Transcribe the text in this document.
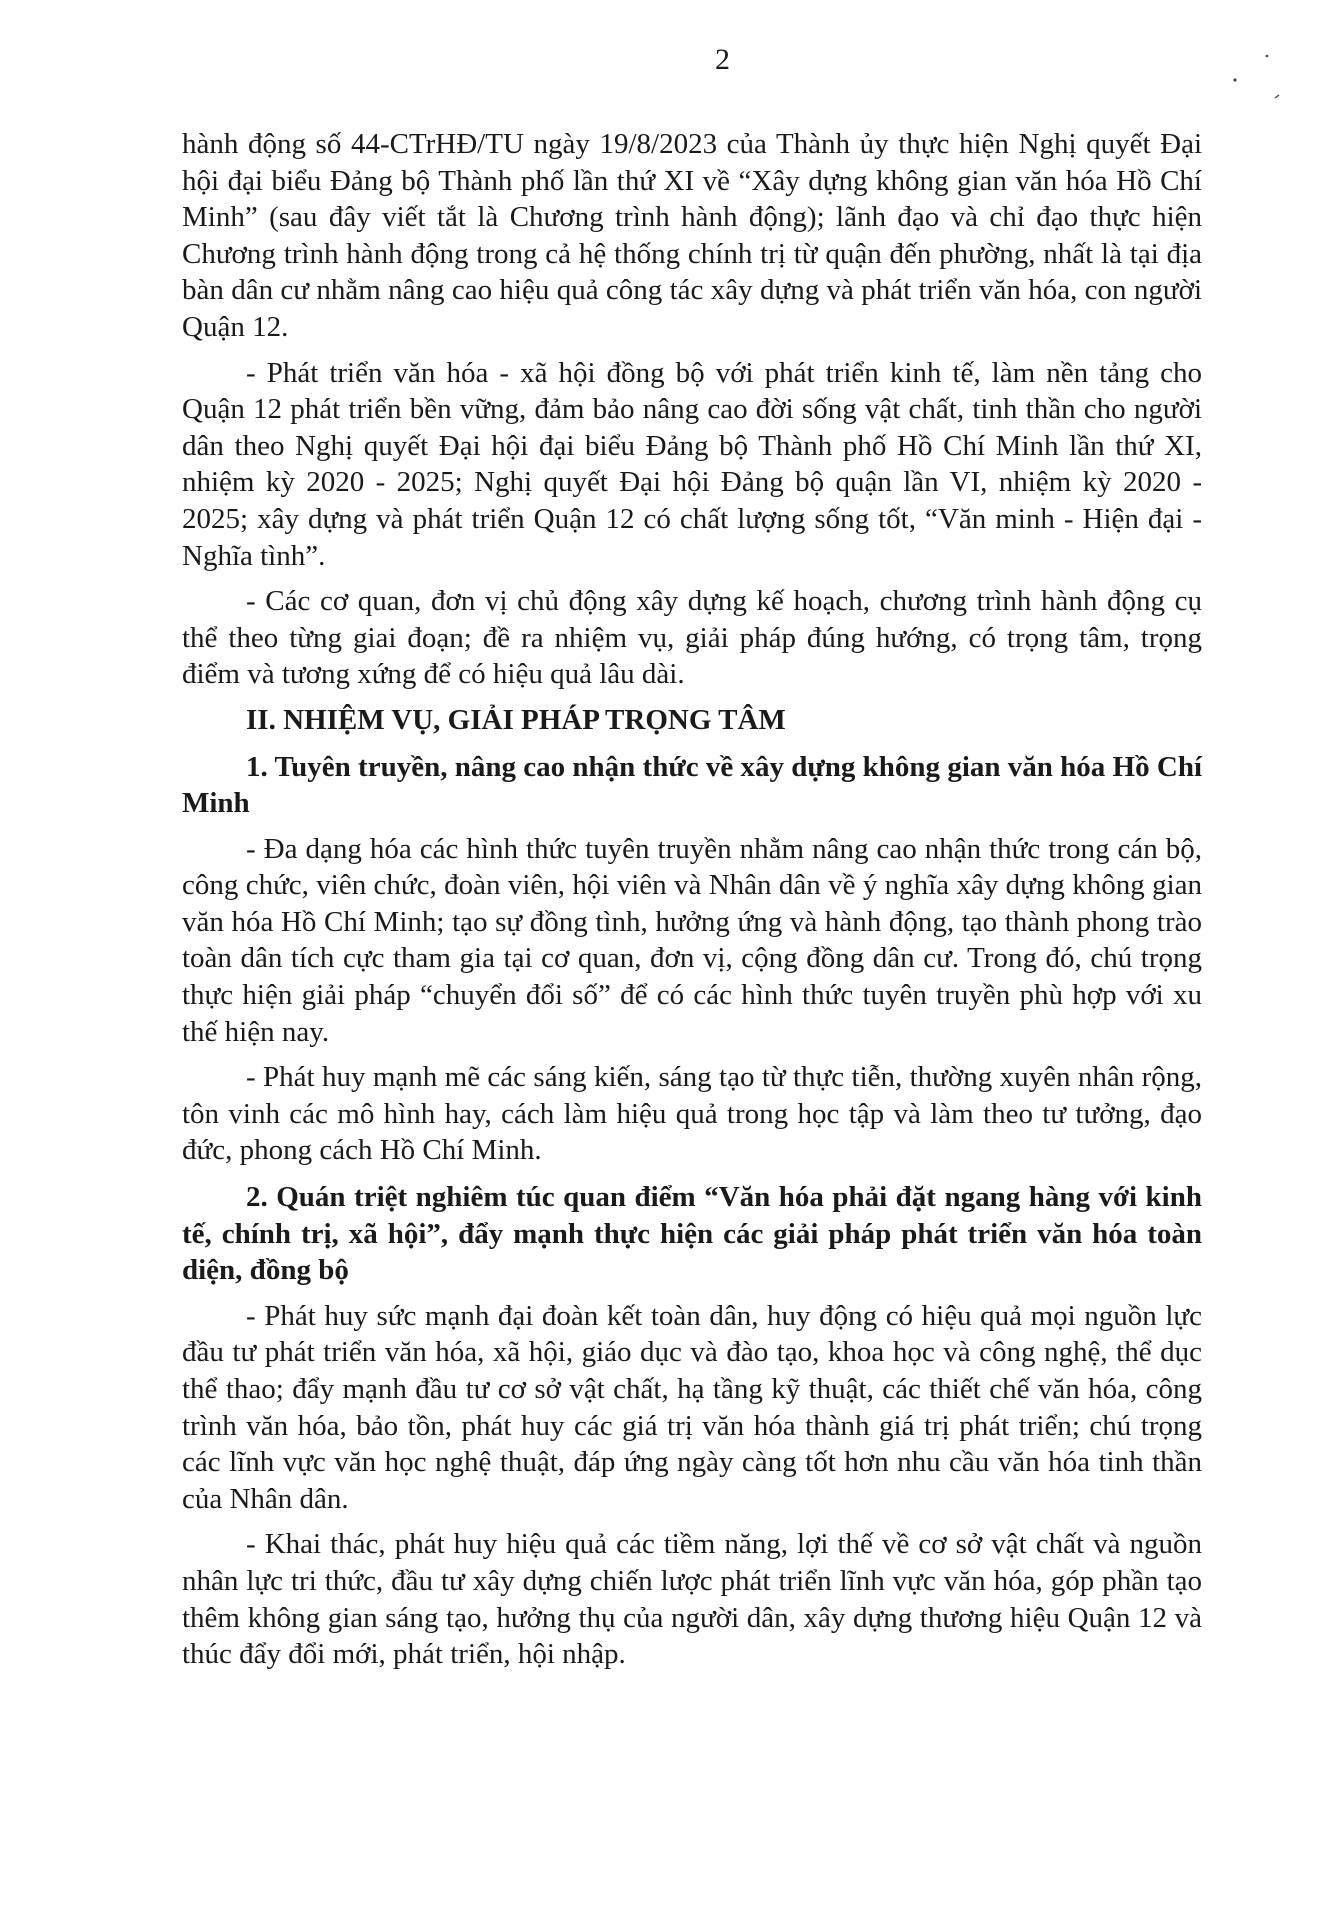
2

hành động số 44-CTrHĐ/TU ngày 19/8/2023 của Thành ủy thực hiện Nghị quyết Đại hội đại biểu Đảng bộ Thành phố lần thứ XI về “Xây dựng không gian văn hóa Hồ Chí Minh” (sau đây viết tắt là Chương trình hành động); lãnh đạo và chỉ đạo thực hiện Chương trình hành động trong cả hệ thống chính trị từ quận đến phường, nhất là tại địa bàn dân cư nhằm nâng cao hiệu quả công tác xây dựng và phát triển văn hóa, con người Quận 12.

- Phát triển văn hóa - xã hội đồng bộ với phát triển kinh tế, làm nền tảng cho Quận 12 phát triển bền vững, đảm bảo nâng cao đời sống vật chất, tinh thần cho người dân theo Nghị quyết Đại hội đại biểu Đảng bộ Thành phố Hồ Chí Minh lần thứ XI, nhiệm kỳ 2020 - 2025; Nghị quyết Đại hội Đảng bộ quận lần VI, nhiệm kỳ 2020 - 2025; xây dựng và phát triển Quận 12 có chất lượng sống tốt, “Văn minh - Hiện đại - Nghĩa tình”.

- Các cơ quan, đơn vị chủ động xây dựng kế hoạch, chương trình hành động cụ thể theo từng giai đoạn; đề ra nhiệm vụ, giải pháp đúng hướng, có trọng tâm, trọng điểm và tương xứng để có hiệu quả lâu dài.

II. NHIỆM VỤ, GIẢI PHÁP TRỌNG TÂM

1. Tuyên truyền, nâng cao nhận thức về xây dựng không gian văn hóa Hồ Chí Minh

- Đa dạng hóa các hình thức tuyên truyền nhằm nâng cao nhận thức trong cán bộ, công chức, viên chức, đoàn viên, hội viên và Nhân dân về ý nghĩa xây dựng không gian văn hóa Hồ Chí Minh; tạo sự đồng tình, hưởng ứng và hành động, tạo thành phong trào toàn dân tích cực tham gia tại cơ quan, đơn vị, cộng đồng dân cư. Trong đó, chú trọng thực hiện giải pháp “chuyển đổi số” để có các hình thức tuyên truyền phù hợp với xu thế hiện nay.

- Phát huy mạnh mẽ các sáng kiến, sáng tạo từ thực tiễn, thường xuyên nhân rộng, tôn vinh các mô hình hay, cách làm hiệu quả trong học tập và làm theo tư tưởng, đạo đức, phong cách Hồ Chí Minh.

2. Quán triệt nghiêm túc quan điểm “Văn hóa phải đặt ngang hàng với kinh tế, chính trị, xã hội”, đẩy mạnh thực hiện các giải pháp phát triển văn hóa toàn diện, đồng bộ

- Phát huy sức mạnh đại đoàn kết toàn dân, huy động có hiệu quả mọi nguồn lực đầu tư phát triển văn hóa, xã hội, giáo dục và đào tạo, khoa học và công nghệ, thể dục thể thao; đẩy mạnh đầu tư cơ sở vật chất, hạ tầng kỹ thuật, các thiết chế văn hóa, công trình văn hóa, bảo tồn, phát huy các giá trị văn hóa thành giá trị phát triển; chú trọng các lĩnh vực văn học nghệ thuật, đáp ứng ngày càng tốt hơn nhu cầu văn hóa tinh thần của Nhân dân.

- Khai thác, phát huy hiệu quả các tiềm năng, lợi thế về cơ sở vật chất và nguồn nhân lực tri thức, đầu tư xây dựng chiến lược phát triển lĩnh vực văn hóa, góp phần tạo thêm không gian sáng tạo, hưởng thụ của người dân, xây dựng thương hiệu Quận 12 và thúc đẩy đổi mới, phát triển, hội nhập.
